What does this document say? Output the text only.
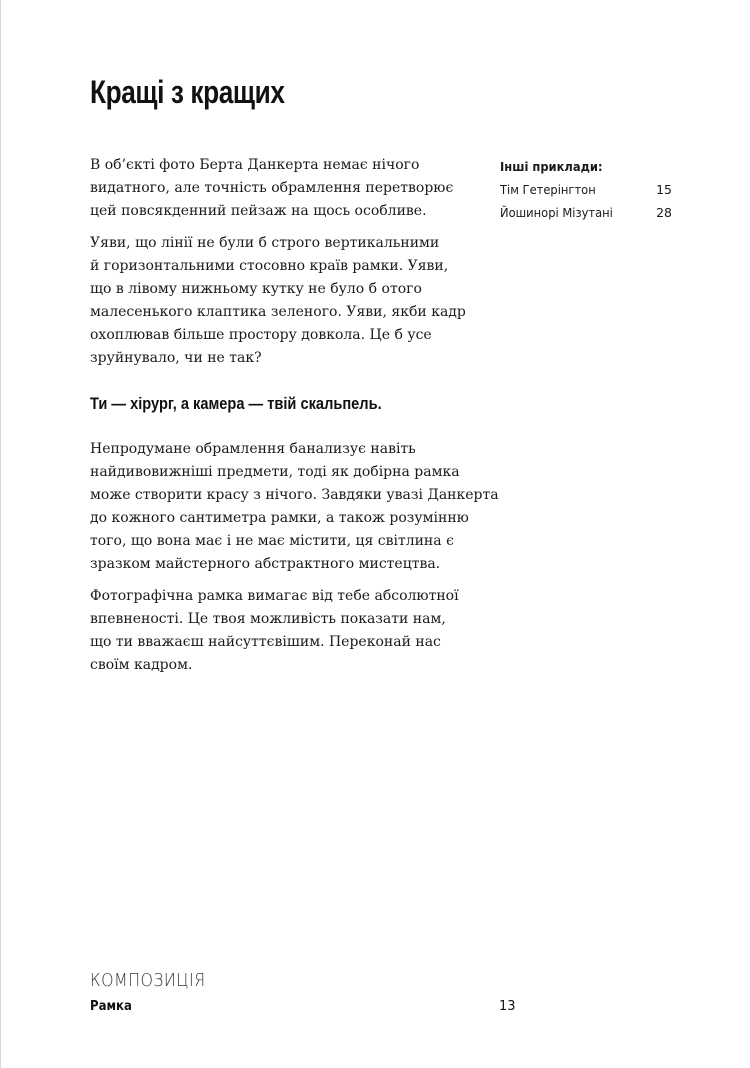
Кращі з кращих

В об’єкті фото Берта Данкерта немає нічого
видатного, але точність обрамлення перетворює
цей повсякденний пейзаж на щось особливе.

Уяви, що лінії не були б строго вертикальними
й горизонтальними стосовно країв рамки. Уяви,
що в лівому нижньому кутку не було б отого
малесенького клаптика зеленого. Уяви, якби кадр
охоплював більше простору довкола. Це б усе
зруйнувало, чи не так?

Ти — хірург, а камера — твій скальпель.

Непродумане обрамлення банализує навіть
найдивовижніші предмети, тоді як добірна рамка
може створити красу з нічого. Завдяки увазі Данкерта
до кожного сантиметра рамки, а також розумінню
того, що вона має і не має містити, ця світлина є
зразком майстерного абстрактного мистецтва.

Фотографічна рамка вимагає від тебе абсолютної
впевненості. Це твоя можливість показати нам,
що ти вважаєш найсуттєвішим. Переконай нас
своїм кадром.

Інші приклади:
Тім Гетерінгтон	15
Йошинорі Мізутані	28
КОМПОЗИЦІЯ
Рамка	13
